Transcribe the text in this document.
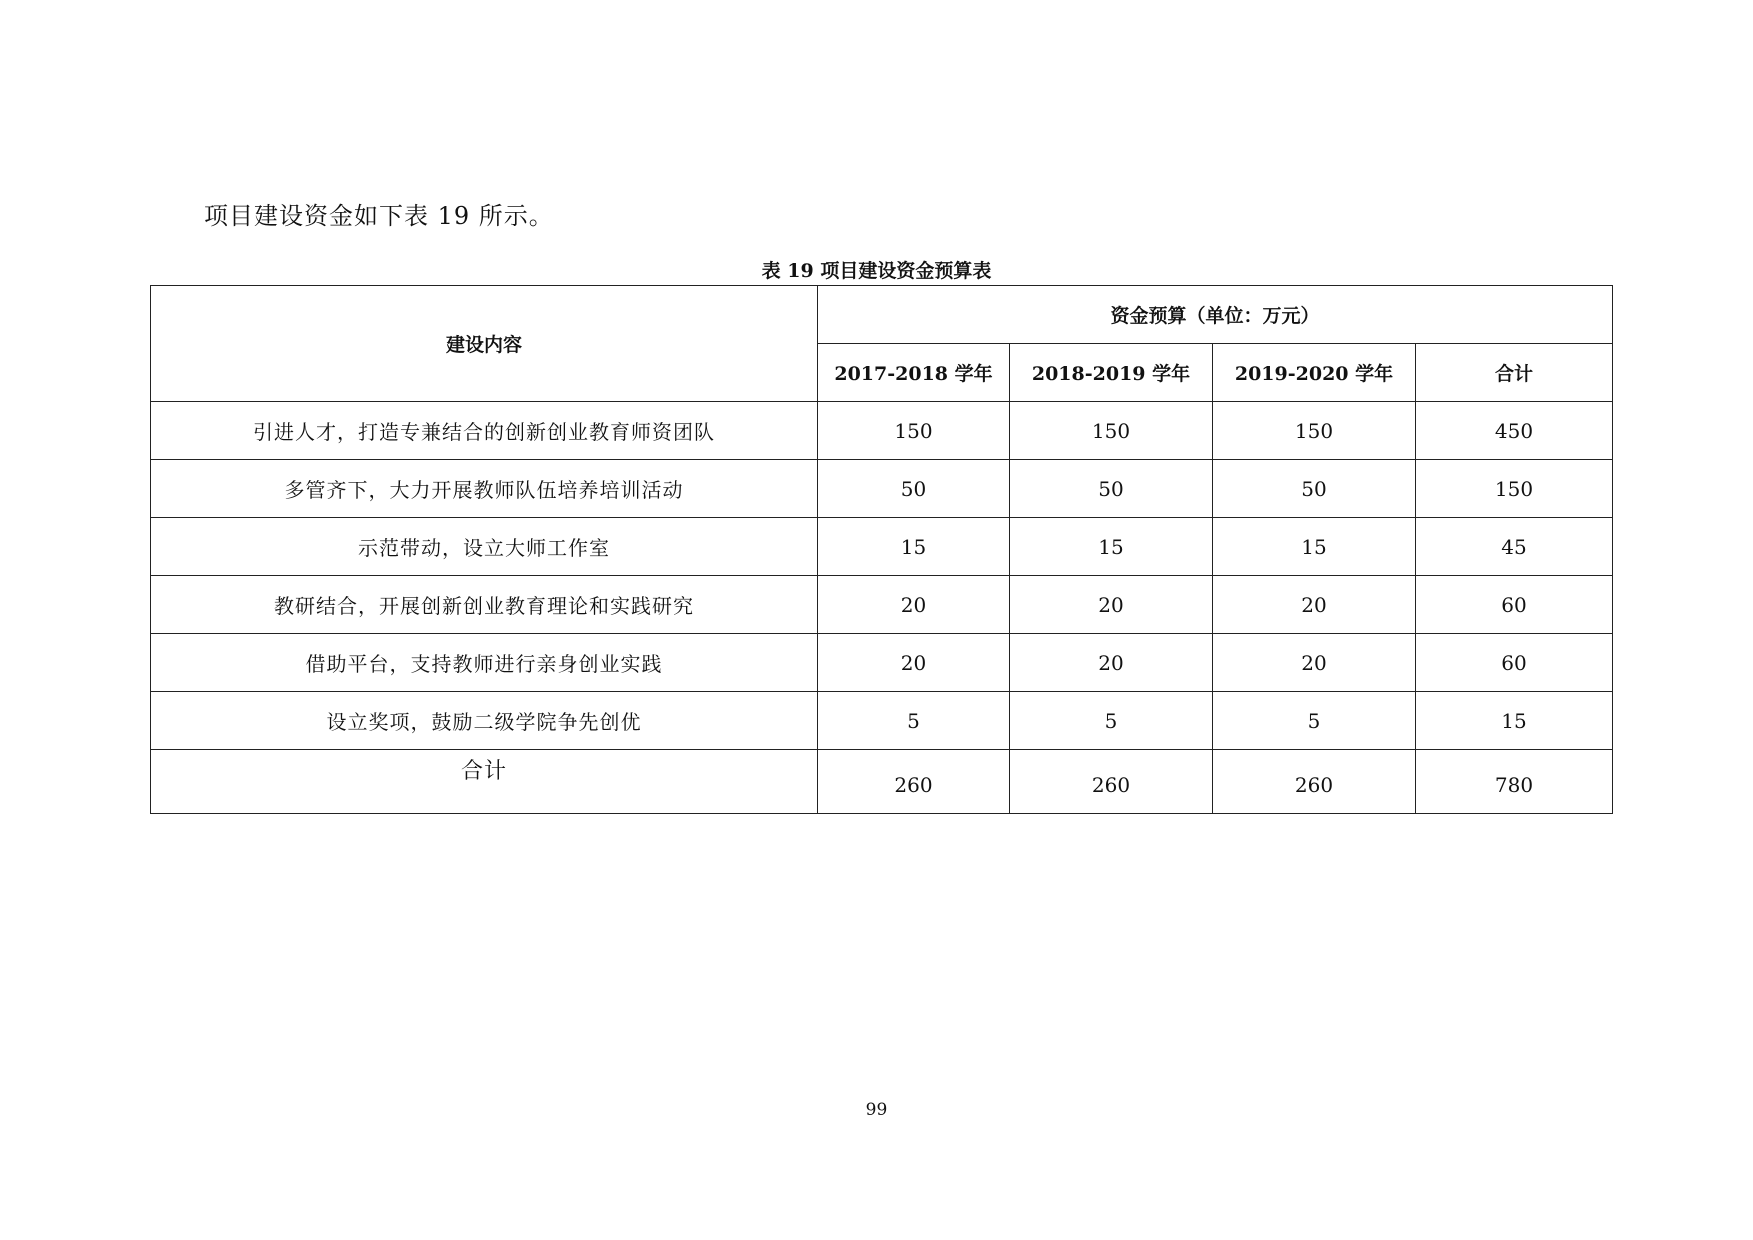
项目建设资金如下表 19 所示。
表 19 项目建设资金预算表
建设内容	资金预算（单位：万元）			
	2017-2018 学年	2018-2019 学年	2019-2020 学年	合计
引进人才，打造专兼结合的创新创业教育师资团队	150	150	150	450
多管齐下，大力开展教师队伍培养培训活动	50	50	50	150
示范带动，设立大师工作室	15	15	15	45
教研结合，开展创新创业教育理论和实践研究	20	20	20	60
借助平台，支持教师进行亲身创业实践	20	20	20	60
设立奖项，鼓励二级学院争先创优	5	5	5	15
合计	260	260	260	780
99
